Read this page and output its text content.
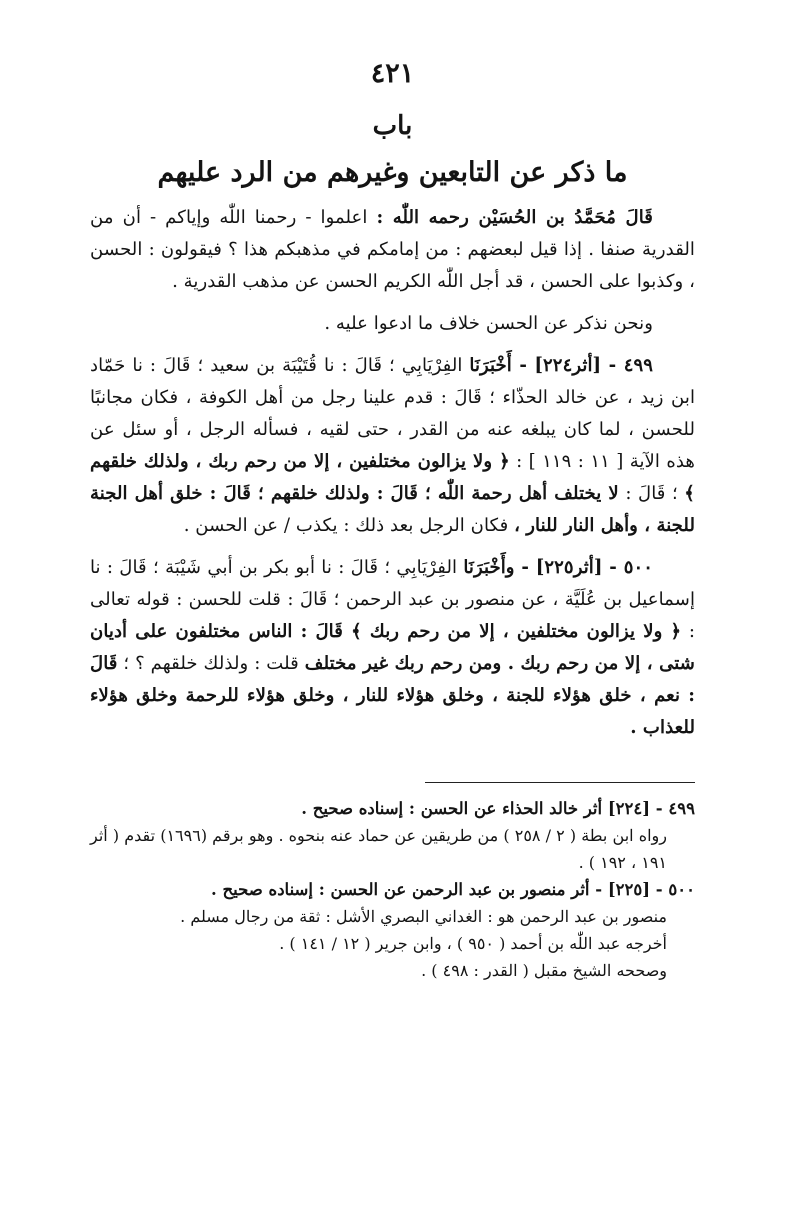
٤٢١
باب
ما ذكر عن التابعين وغيرهم من الرد عليهم

قَالَ مُحَمَّدُ بن الحُسَيْن رحمه اللّٰه : اعلموا - رحمنا اللّٰه وإياكم - أن من القدرية صنفا . إذا قيل لبعضهم : من إمامكم في مذهبكم هذا ؟ فيقولون : الحسن ، وكذبوا على الحسن ، قد أجل اللّٰه الكريم الحسن عن مذهب القدرية .

ونحن نذكر عن الحسن خلاف ما ادعوا عليه .

٤٩٩ - [أثر٢٢٤] - أَخْبَرَنَا الفِرْيَابِي ؛ قَالَ : نا قُتَيْبَة بن سعيد ؛ قَالَ : نا حَمّاد ابن زيد ، عن خالد الحذّاء ؛ قَالَ : قدم علينا رجل من أهل الكوفة ، فكان مجانبًا للحسن ، لما كان يبلغه عنه من القدر ، حتى لقيه ، فسأله الرجل ، أو سئل عن هذه الآية [ ١١ : ١١٩ ] : ﴿ ولا يزالون مختلفين ، إلا من رحم ربك ، ولذلك خلقهم ﴾ ؛ قَالَ : لا يختلف أهل رحمة اللّٰه ؛ قَالَ : ولذلك خلقهم ؛ قَالَ : خلق أهل الجنة للجنة ، وأهل النار للنار ، فكان الرجل بعد ذلك : يكذب / عن الحسن .

٥٠٠ - [أثر٢٢٥] - وأَخْبَرَنَا الفِرْيَابِي ؛ قَالَ : نا أبو بكر بن أبي شَيْبَة ؛ قَالَ : نا إسماعيل بن عُلَيَّة ، عن منصور بن عبد الرحمن ؛ قَالَ : قلت للحسن : قوله تعالى : ﴿ ولا يزالون مختلفين ، إلا من رحم ربك ﴾ قَالَ : الناس مختلفون على أديان شتى ، إلا من رحم ربك . ومن رحم ربك غير مختلف قلت : ولذلك خلقهم ؟ ؛ قَالَ : نعم ، خلق هؤلاء للجنة ، وخلق هؤلاء للنار ، وخلق هؤلاء للرحمة وخلق هؤلاء للعذاب .

٤٩٩ - [٢٢٤] أثر خالد الحذاء عن الحسن : إسناده صحيح .

رواه ابن بطة ( ٢ / ٢٥٨ ) من طريقين عن حماد عنه بنحوه . وهو برقم (١٦٩٦) تقدم ( أثر ١٩١ ، ١٩٢ ) .

٥٠٠ - [٢٢٥] - أثر منصور بن عبد الرحمن عن الحسن : إسناده صحيح .

منصور بن عبد الرحمن هو : الغداني البصري الأشل : ثقة من رجال مسلم .

أخرجه عبد اللّٰه بن أحمد ( ٩٥٠ ) ، وابن جرير ( ١٢ / ١٤١ ) .

وصححه الشيخ مقبل ( القدر : ٤٩٨ ) .
